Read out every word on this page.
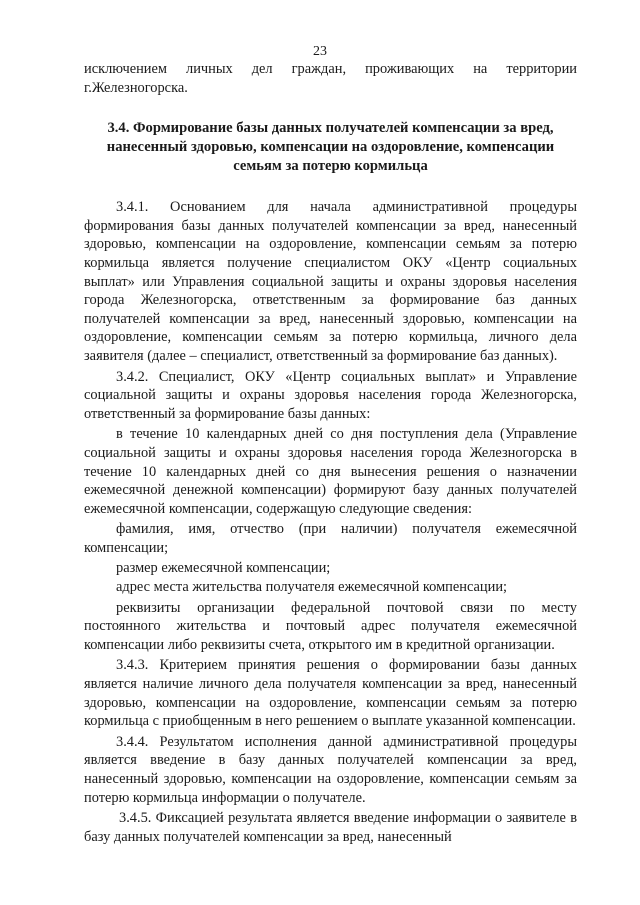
23

исключением личных дел граждан, проживающих на территории г.Железногорска.

3.4. Формирование базы данных получателей компенсации за вред, нанесенный здоровью, компенсации на оздоровление, компенсации семьям за потерю кормильца

3.4.1. Основанием для начала административной процедуры формирования базы данных получателей компенсации за вред, нанесенный здоровью, компенсации на оздоровление, компенсации семьям за потерю кормильца является получение специалистом ОКУ «Центр социальных выплат» или Управления социальной защиты и охраны здоровья населения города Железногорска, ответственным за формирование баз данных получателей компенсации за вред, нанесенный здоровью, компенсации на оздоровление, компенсации семьям за потерю кормильца, личного дела заявителя (далее – специалист, ответственный за формирование баз данных).

3.4.2. Специалист, ОКУ «Центр социальных выплат» и Управление социальной защиты и охраны здоровья населения города Железногорска, ответственный за формирование базы данных:

в течение 10 календарных дней со дня поступления дела (Управление социальной защиты и охраны здоровья населения города Железногорска в течение 10 календарных дней со дня вынесения решения о назначении ежемесячной денежной компенсации) формируют базу данных получателей ежемесячной компенсации, содержащую следующие сведения:

фамилия, имя, отчество (при наличии) получателя ежемесячной компенсации;

размер ежемесячной компенсации;

адрес места жительства получателя ежемесячной компенсации;

реквизиты организации федеральной почтовой связи по месту постоянного жительства и почтовый адрес получателя ежемесячной компенсации либо реквизиты счета, открытого им в кредитной организации.

3.4.3. Критерием принятия решения о формировании базы данных является наличие личного дела получателя компенсации за вред, нанесенный здоровью, компенсации на оздоровление, компенсации семьям за потерю кормильца с приобщенным в него решением о выплате указанной компенсации.

3.4.4. Результатом исполнения данной административной процедуры является введение в базу данных получателей компенсации за вред, нанесенный здоровью, компенсации на оздоровление, компенсации семьям за потерю кормильца информации о получателе.

3.4.5. Фиксацией результата является введение информации о заявителе в базу данных получателей компенсации за вред, нанесенный
